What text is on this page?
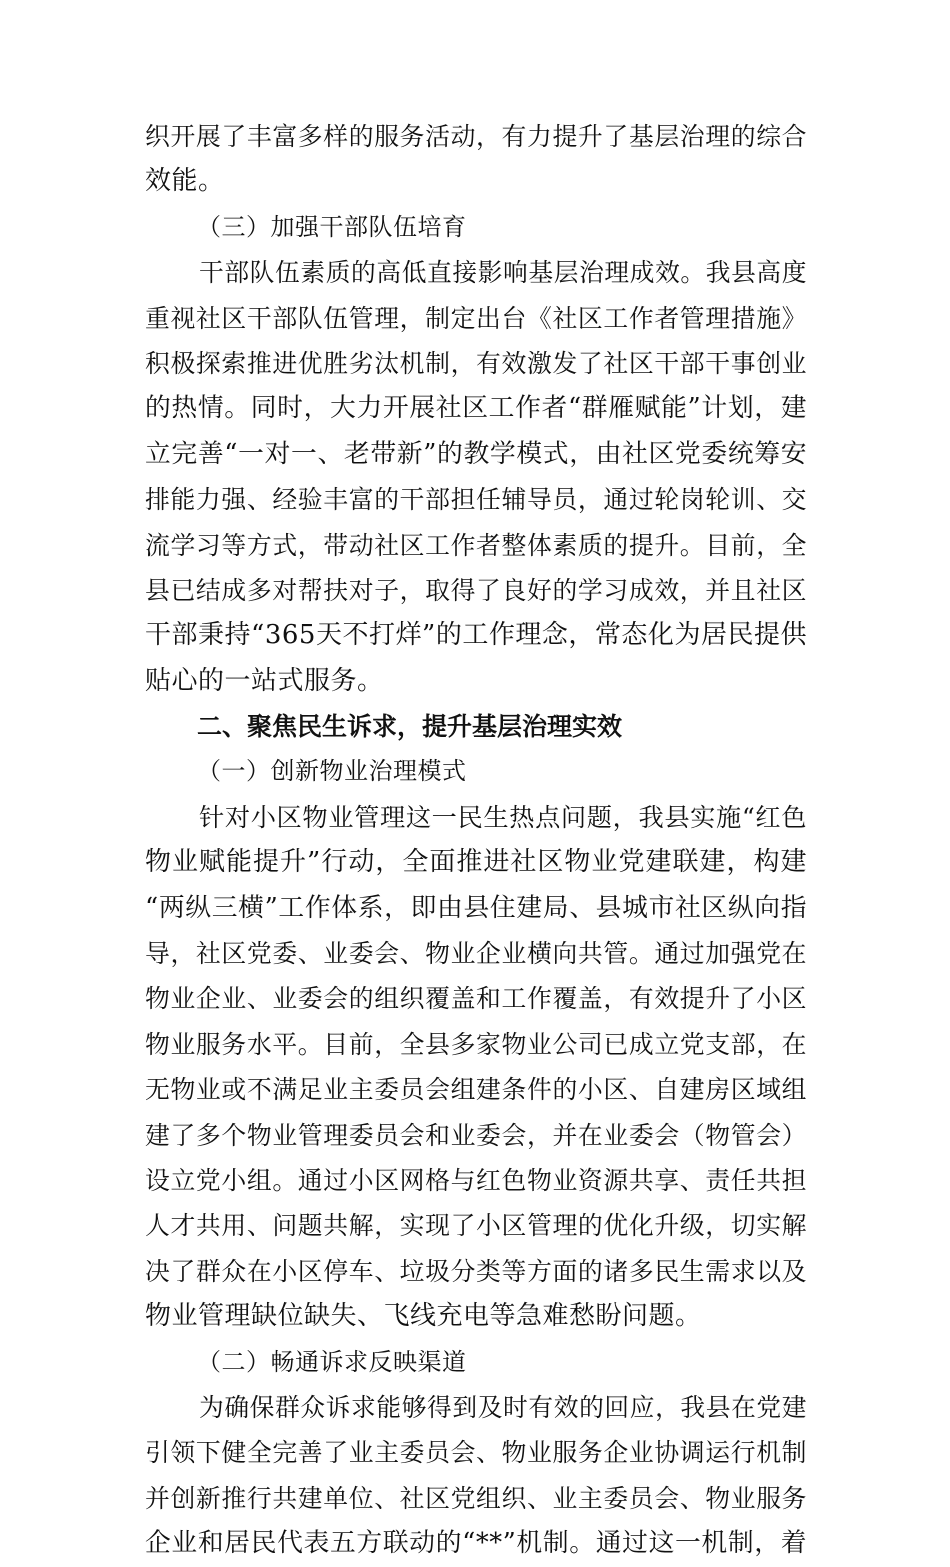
织开展了丰富多样的服务活动，有力提升了基层治理的综合
效能。
（三）加强干部队伍培育
干部队伍素质的高低直接影响基层治理成效。我县高度
重视社区干部队伍管理，制定出台《社区工作者管理措施》
积极探索推进优胜劣汰机制，有效激发了社区干部干事创业
的热情。同时，大力开展社区工作者“群雁赋能”计划，建
立完善“一对一、老带新”的教学模式，由社区党委统筹安
排能力强、经验丰富的干部担任辅导员，通过轮岗轮训、交
流学习等方式，带动社区工作者整体素质的提升。目前，全
县已结成多对帮扶对子，取得了良好的学习成效，并且社区
干部秉持“365天不打烊”的工作理念，常态化为居民提供
贴心的一站式服务。
二、聚焦民生诉求，提升基层治理实效
（一）创新物业治理模式
针对小区物业管理这一民生热点问题，我县实施“红色
物业赋能提升”行动，全面推进社区物业党建联建，构建
“两纵三横”工作体系，即由县住建局、县城市社区纵向指
导，社区党委、业委会、物业企业横向共管。通过加强党在
物业企业、业委会的组织覆盖和工作覆盖，有效提升了小区
物业服务水平。目前，全县多家物业公司已成立党支部，在
无物业或不满足业主委员会组建条件的小区、自建房区域组
建了多个物业管理委员会和业委会，并在业委会（物管会）
设立党小组。通过小区网格与红色物业资源共享、责任共担
人才共用、问题共解，实现了小区管理的优化升级，切实解
决了群众在小区停车、垃圾分类等方面的诸多民生需求以及
物业管理缺位缺失、飞线充电等急难愁盼问题。
（二）畅通诉求反映渠道
为确保群众诉求能够得到及时有效的回应，我县在党建
引领下健全完善了业主委员会、物业服务企业协调运行机制
并创新推行共建单位、社区党组织、业主委员会、物业服务
企业和居民代表五方联动的“**”机制。通过这一机制，着
